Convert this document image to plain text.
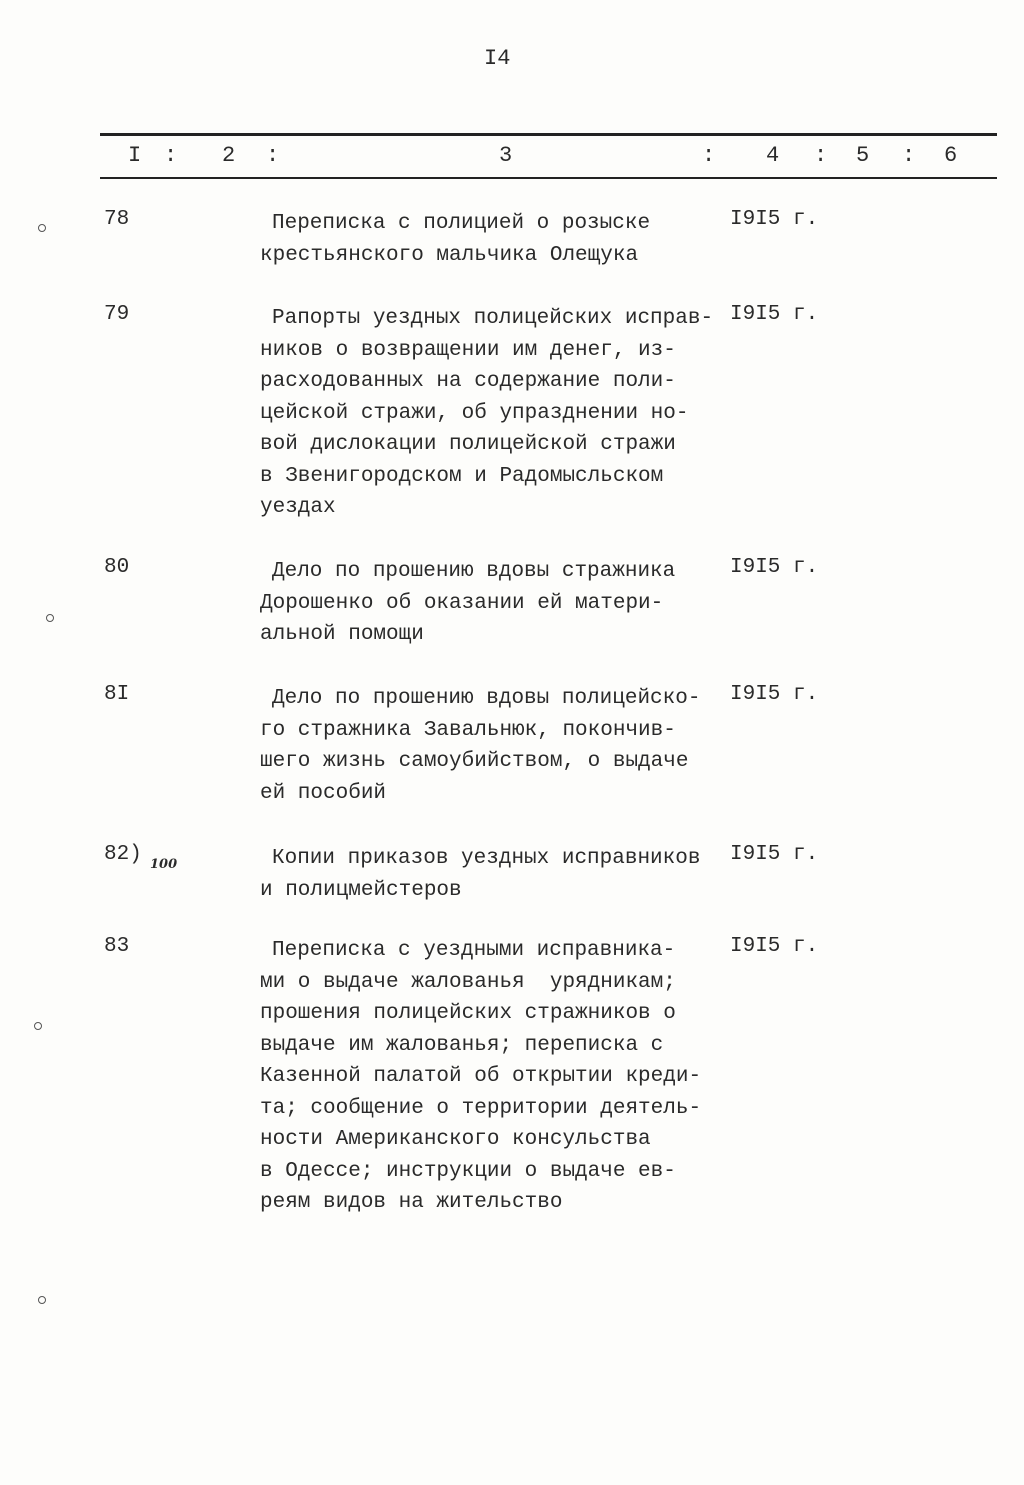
I4
I : 2 :	3	: 4 : 5 : 6
78	Переписка с полицией о розыске
крестьянского мальчика Олещука
I9I5 г.
79	Рапорты уездных полицейских исправ-
ников о возвращении им денег, из-
расходованных на содержание поли-
цейской стражи, об упразднении но-
вой дислокации полицейской стражи
в Звенигородском и Радомысльском
уездах
I9I5 г.
80	Дело по прошению вдовы стражника
Дорошенко об оказании ей матери-
альной помощи
I9I5 г.
8I	Дело по прошению вдовы полицейско-
го стражника Завальнюк, покончив-
шего жизнь самоубийством, о выдаче
ей пособий
I9I5 г.
82) 100	Копии приказов уездных исправников
и полицмейстеров
I9I5 г.
83	Переписка с уездными исправника-
ми о выдаче жалованья  урядникам;
прошения полицейских стражников о
выдаче им жалованья; переписка с
Казенной палатой об открытии креди-
та; сообщение о территории деятель-
ности Американского консульства
в Одессе; инструкции о выдаче ев-
реям видов на жительство
I9I5 г.
